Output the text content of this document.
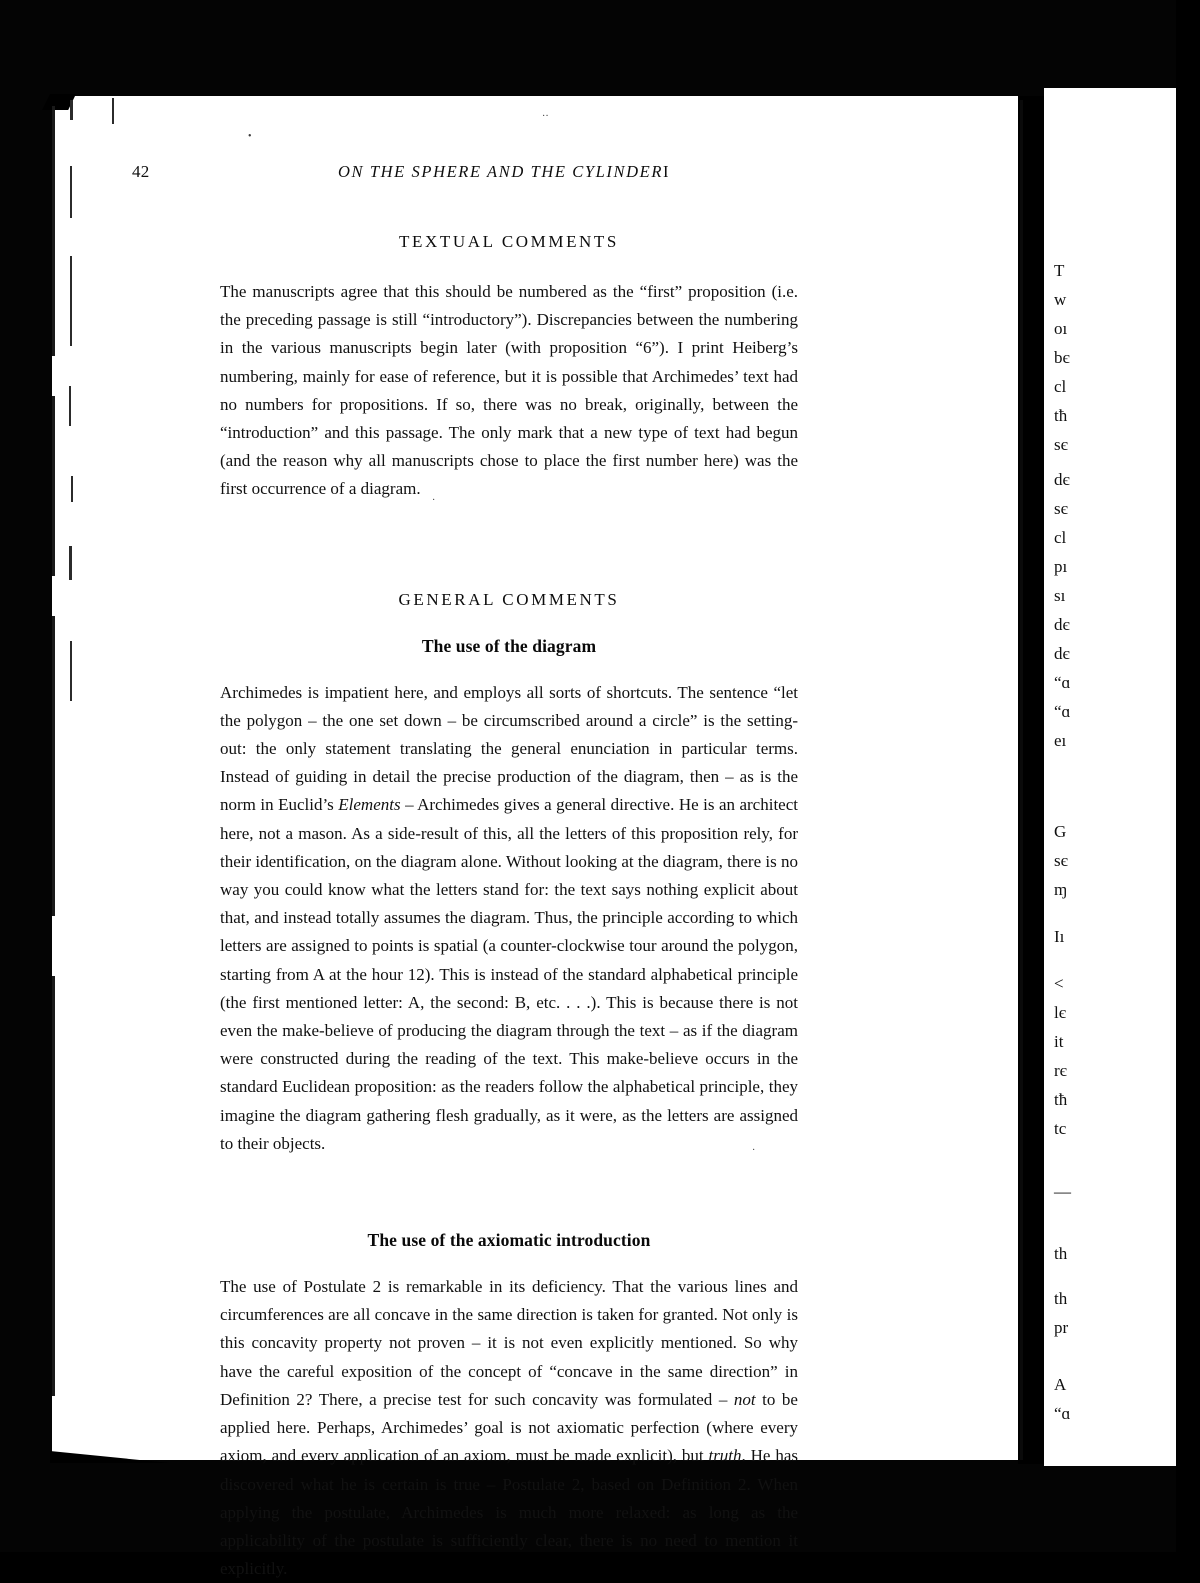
•
··
·
·
42	ON THE SPHERE AND THE CYLINDERI
TEXTUAL COMMENTS

The manuscripts agree that this should be numbered as the “first” proposition (i.e. the preceding passage is still “introductory”). Discrepancies between the numbering in the various manuscripts begin later (with proposition “6”). I print Heiberg’s numbering, mainly for ease of reference, but it is possible that Archimedes’ text had no numbers for propositions. If so, there was no break, originally, between the “introduction” and this passage. The only mark that a new type of text had begun (and the reason why all manuscripts chose to place the first number here) was the first occurrence of a diagram.

GENERAL COMMENTS
The use of the diagram

Archimedes is impatient here, and employs all sorts of shortcuts. The sentence “let the polygon – the one set down – be circumscribed around a circle” is the setting-out: the only statement translating the general enunciation in particular terms. Instead of guiding in detail the precise production of the diagram, then – as is the norm in Euclid’s Elements – Archimedes gives a general directive. He is an architect here, not a mason. As a side-result of this, all the letters of this proposition rely, for their identification, on the diagram alone. Without looking at the diagram, there is no way you could know what the letters stand for: the text says nothing explicit about that, and instead totally assumes the diagram. Thus, the principle according to which letters are assigned to points is spatial (a counter-clockwise tour around the polygon, starting from A at the hour 12). This is instead of the standard alphabetical principle (the first mentioned letter: A, the second: B, etc. . . .). This is because there is not even the make-believe of producing the diagram through the text – as if the diagram were constructed during the reading of the text. This make-believe occurs in the standard Euclidean proposition: as the readers follow the alphabetical principle, they imagine the diagram gathering flesh gradually, as it were, as the letters are assigned to their objects.

The use of the axiomatic introduction

The use of Postulate 2 is remarkable in its deficiency. That the various lines and circumferences are all concave in the same direction is taken for granted. Not only is this concavity property not proven – it is not even explicitly mentioned. So why have the careful exposition of the concept of “concave in the same direction” in Definition 2? There, a precise test for such concavity was formulated – not to be applied here. Perhaps, Archimedes’ goal is not axiomatic perfection (where every axiom, and every application of an axiom, must be made explicit), but truth. He has discovered what he is certain is true – Postulate 2, based on Definition 2. When applying the postulate, Archimedes is much more relaxed: as long as the applicability of the postulate is sufficiently clear, there is no need to mention it explicitly.

T
w
oı
bє
cl
tħ
sє
dє
sє
cl
pı
sı
dє
dє
“ɑ
“ɑ
eı
G
sє
ɱ
Iı
<
lє
it
rє
tħ
tc
—
th
th
pr
A
“ɑ
